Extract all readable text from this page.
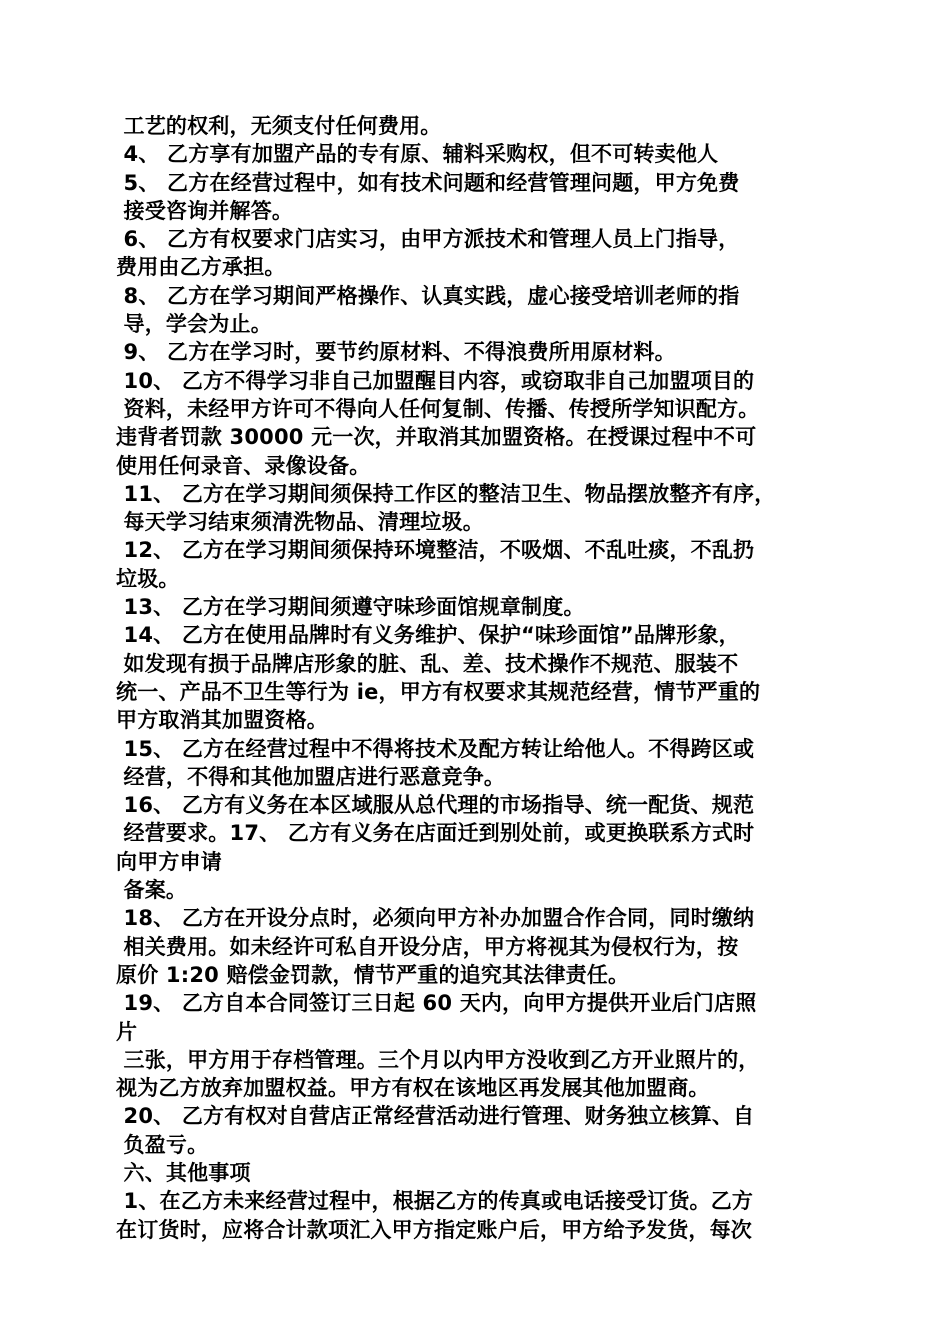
工艺的权利，无须支付任何费用。
4、 乙方享有加盟产品的专有原、辅料采购权，但不可转卖他人
5、 乙方在经营过程中，如有技术问题和经营管理问题，甲方免费
接受咨询并解答。
6、 乙方有权要求门店实习，由甲方派技术和管理人员上门指导，
费用由乙方承担。
8、 乙方在学习期间严格操作、认真实践，虚心接受培训老师的指
导，学会为止。
9、 乙方在学习时，要节约原材料、不得浪费所用原材料。
10、 乙方不得学习非自己加盟醒目内容，或窃取非自己加盟项目的
资料，未经甲方许可不得向人任何复制、传播、传授所学知识配方。
违背者罚款 30000 元一次，并取消其加盟资格。在授课过程中不可
使用任何录音、录像设备。
11、 乙方在学习期间须保持工作区的整洁卫生、物品摆放整齐有序，
每天学习结束须清洗物品、清理垃圾。
12、 乙方在学习期间须保持环境整洁，不吸烟、不乱吐痰，不乱扔
垃圾。
13、 乙方在学习期间须遵守味珍面馆规章制度。
14、 乙方在使用品牌时有义务维护、保护“味珍面馆”品牌形象，
如发现有损于品牌店形象的脏、乱、差、技术操作不规范、服装不
统一、产品不卫生等行为 ie，甲方有权要求其规范经营，情节严重的
甲方取消其加盟资格。
15、 乙方在经营过程中不得将技术及配方转让给他人。不得跨区或
经营，不得和其他加盟店进行恶意竞争。
16、 乙方有义务在本区域服从总代理的市场指导、统一配货、规范
经营要求。17、 乙方有义务在店面迁到别处前，或更换联系方式时
向甲方申请
备案。
18、 乙方在开设分点时，必须向甲方补办加盟合作合同，同时缴纳
相关费用。如未经许可私自开设分店，甲方将视其为侵权行为，按
原价 1:20 赔偿金罚款，情节严重的追究其法律责任。
19、 乙方自本合同签订三日起 60 天内，向甲方提供开业后门店照
片
三张，甲方用于存档管理。三个月以内甲方没收到乙方开业照片的，
视为乙方放弃加盟权益。甲方有权在该地区再发展其他加盟商。
20、 乙方有权对自营店正常经营活动进行管理、财务独立核算、自
负盈亏。
六、其他事项
1、在乙方未来经营过程中，根据乙方的传真或电话接受订货。乙方
在订货时，应将合计款项汇入甲方指定账户后，甲方给予发货，每次
